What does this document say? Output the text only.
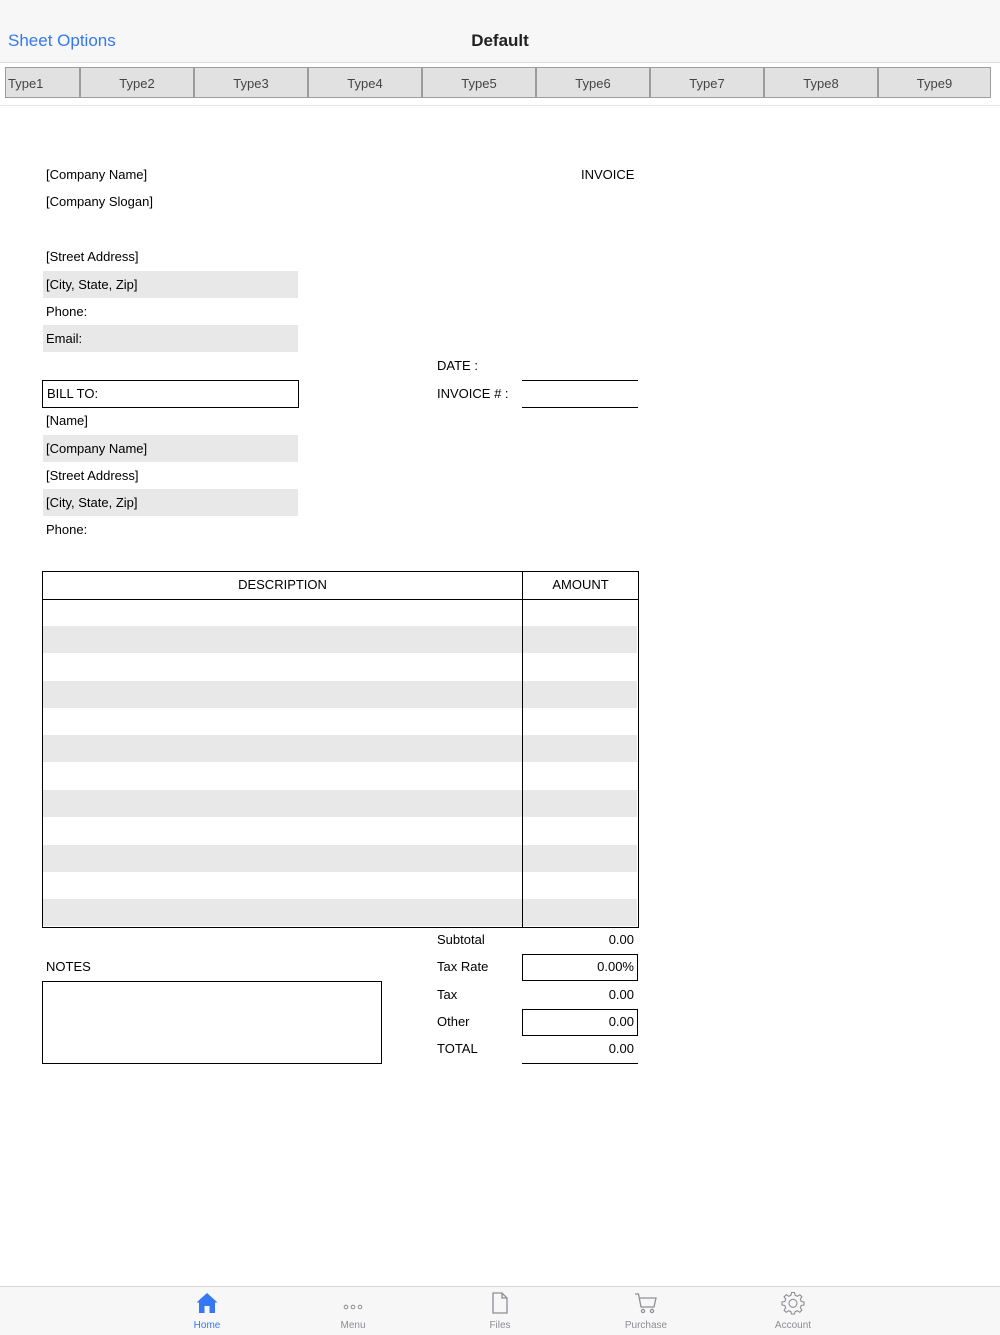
Default
Sheet Options
Type1	Type2	Type3	Type4	Type5	Type6	Type7	Type8	Type9
[Company Name]	INVOICE
[Company Slogan]
[Street Address]
[City, State, Zip]
Phone:
Email:
DATE :
INVOICE # :
BILL TO:
[Name]
[Company Name]
[Street Address]
[City, State, Zip]
Phone:
DESCRIPTION	AMOUNT
Subtotal	0.00
NOTES	Tax Rate	0.00%
Tax	0.00
Other	0.00
TOTAL	0.00
Home	Menu	Files	Purchase	Account
